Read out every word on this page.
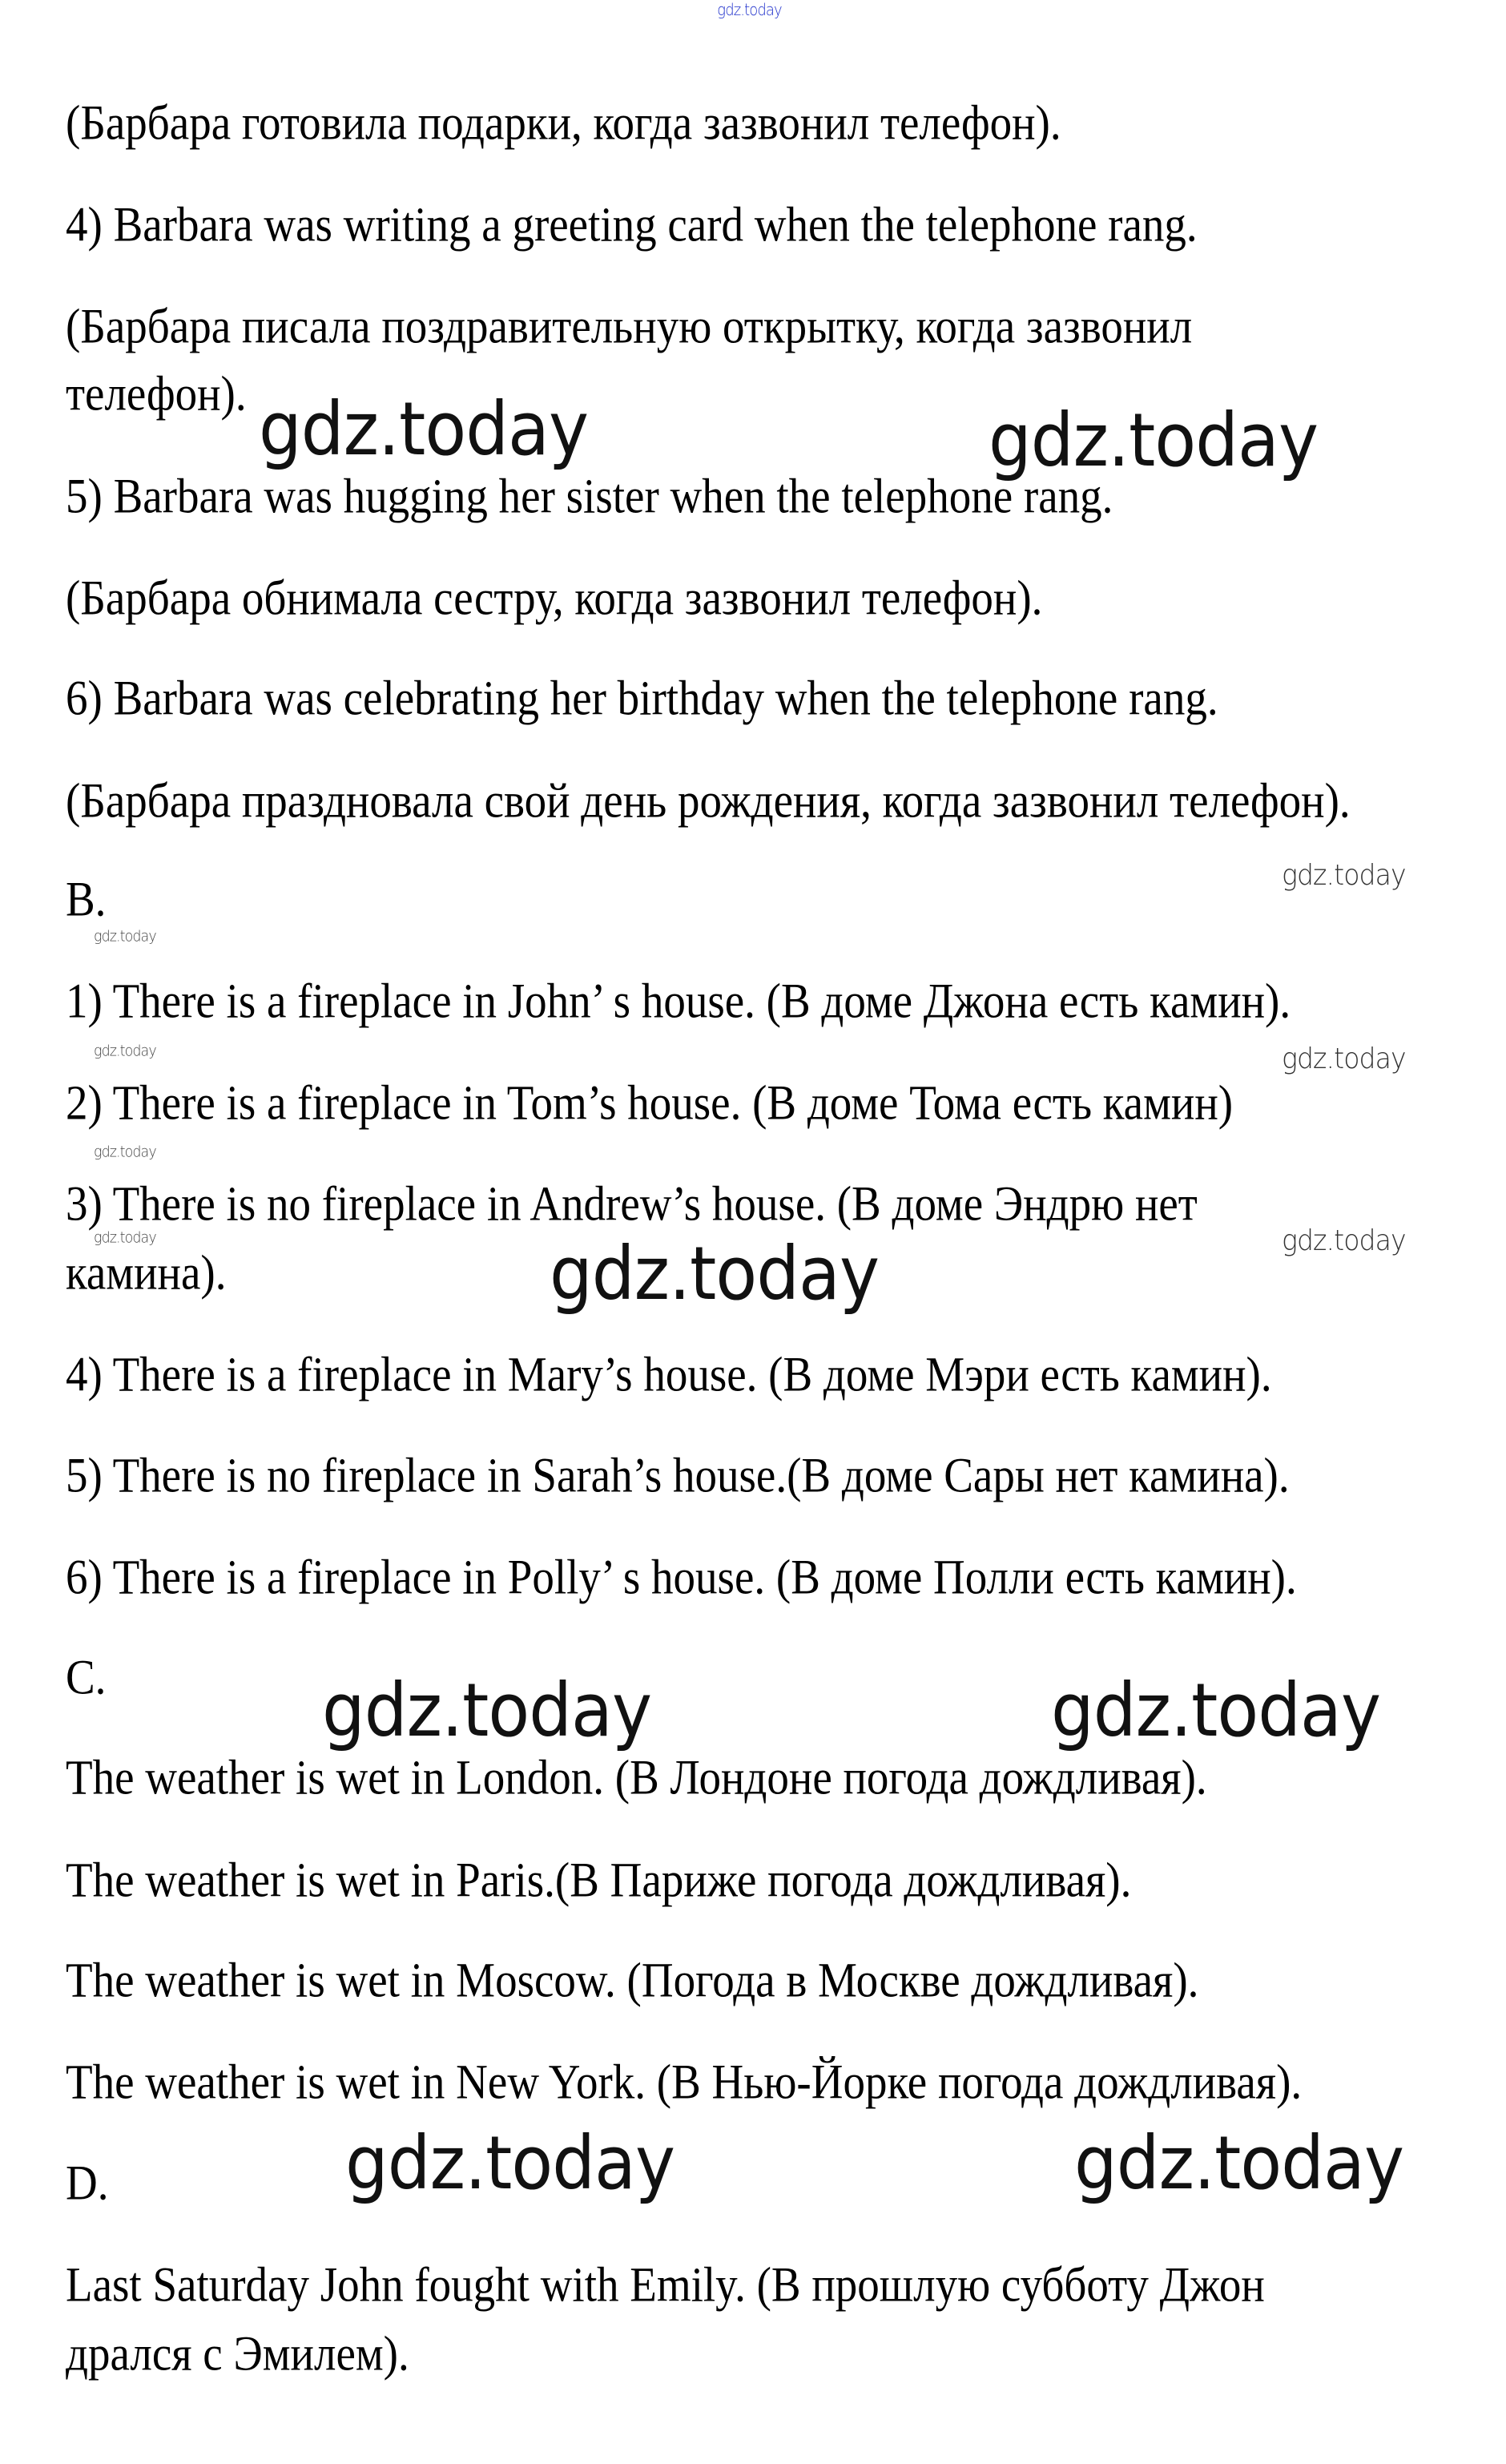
gdz.today
(Барбара готовила подарки, когда зазвонил телефон).
4) Barbara was writing a greeting card when the telephone rang.
(Барбара писала поздравительную открытку, когда зазвонил
телефон).
5) Barbara was hugging her sister when the telephone rang.
(Барбара обнимала сестру, когда зазвонил телефон).
6) Barbara was celebrating her birthday when the telephone rang.
(Барбара праздновала свой день рождения, когда зазвонил телефон).
B.
1) There is a fireplace in John’ s house. (В доме Джона есть камин).
2) There is a fireplace in Tom’s house. (В доме Тома есть камин)
3) There is no fireplace in Andrew’s house. (В доме Эндрю нет
камина).
4) There is a fireplace in Mary’s house. (В доме Мэри есть камин).
5) There is no fireplace in Sarah’s house.(В доме Сары нет камина).
6) There is a fireplace in Polly’ s house. (В доме Полли есть камин).
C.
The weather is wet in London. (В Лондоне погода дождливая).
The weather is wet in Paris.(В Париже погода дождливая).
The weather is wet in Moscow. (Погода в Москве дождливая).
The weather is wet in New York. (В Нью-Йорке погода дождливая).
D.
Last Saturday John fought with Emily. (В прошлую субботу Джон
дрался с Эмилем).
gdz.today	gdz.today
gdz.today
gdz.today	gdz.today
gdz.today	gdz.today
gdz.today
gdz.today
gdz.today
gdz.today
gdz.today
gdz.today
gdz.today
